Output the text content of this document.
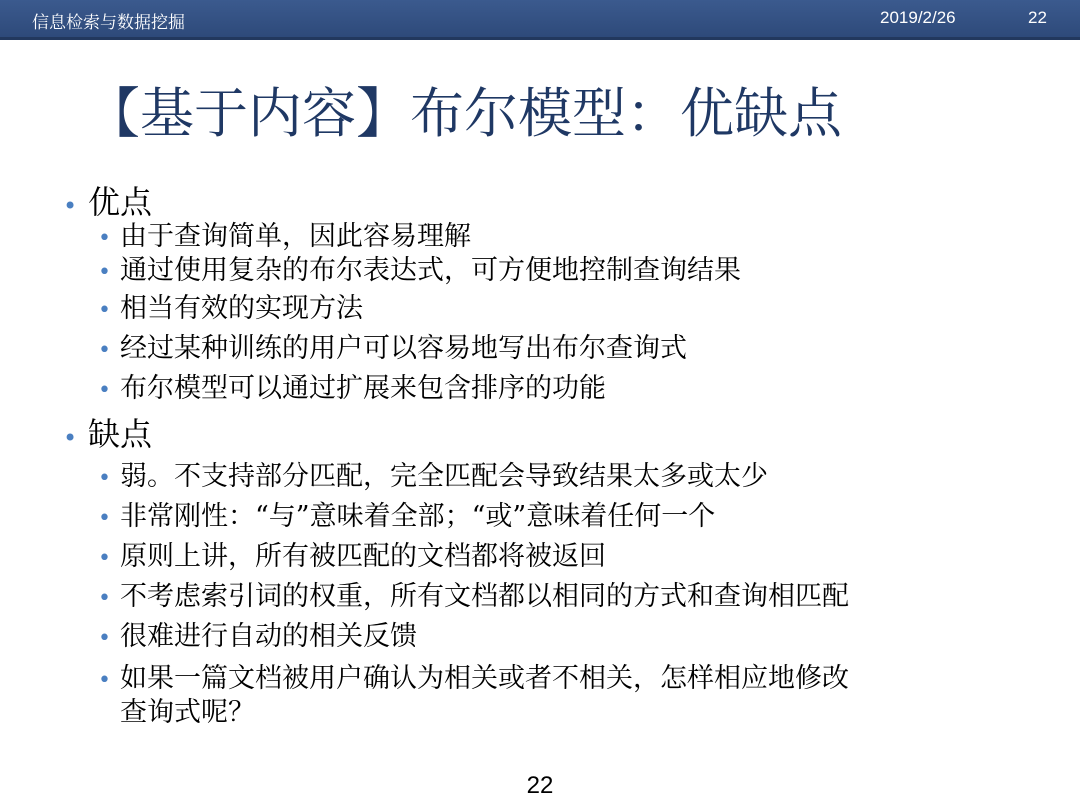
信息检索与数据挖掘	2019/2/26	22
【基于内容】布尔模型：优缺点
• 优点
• 由于查询简单，因此容易理解
• 通过使用复杂的布尔表达式，可方便地控制查询结果
• 相当有效的实现方法
• 经过某种训练的用户可以容易地写出布尔查询式
• 布尔模型可以通过扩展来包含排序的功能
• 缺点
• 弱。不支持部分匹配，完全匹配会导致结果太多或太少
• 非常刚性：“与”意味着全部；“或”意味着任何一个
• 原则上讲，所有被匹配的文档都将被返回
• 不考虑索引词的权重，所有文档都以相同的方式和查询相匹配
• 很难进行自动的相关反馈
• 如果一篇文档被用户确认为相关或者不相关，怎样相应地修改
查询式呢？
22
